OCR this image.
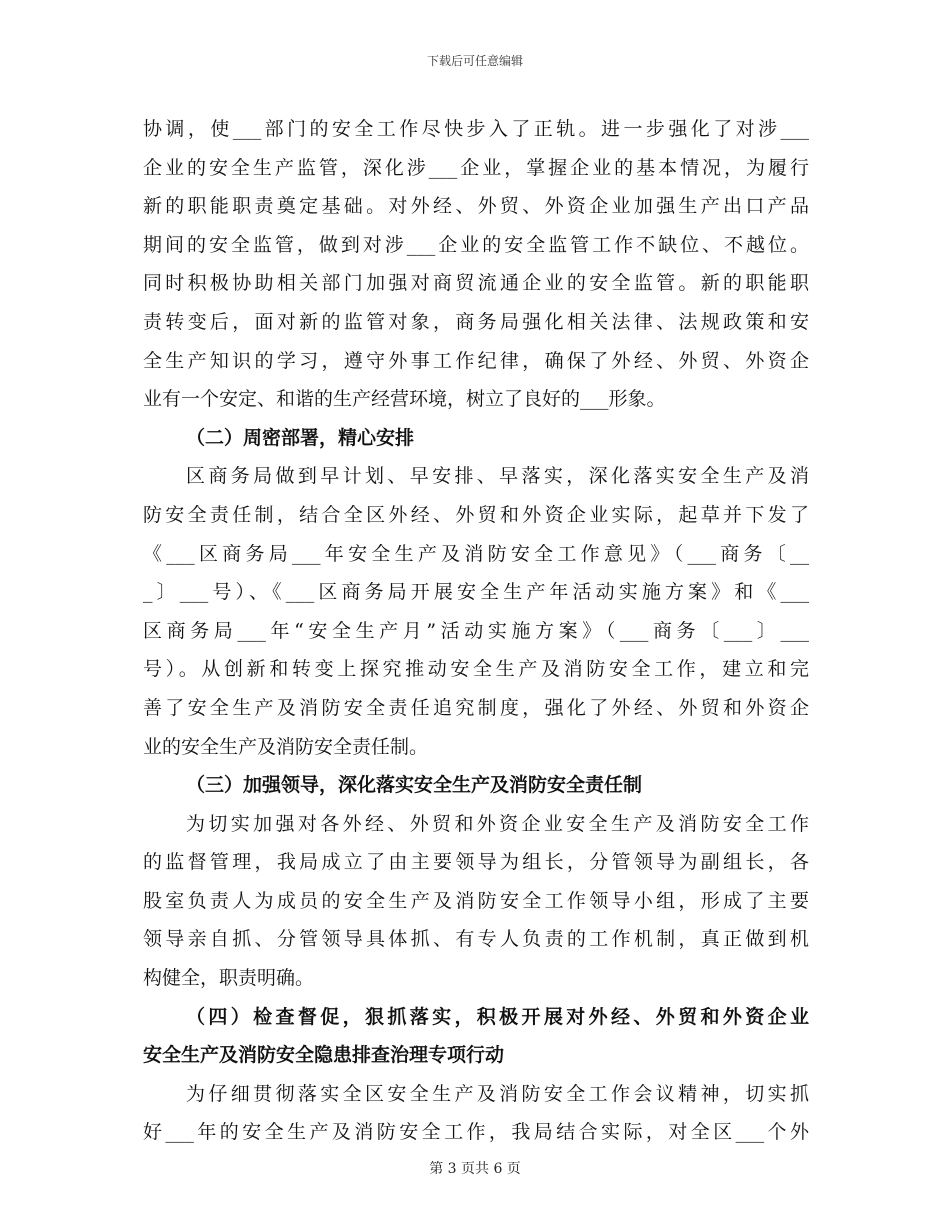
下载后可任意编辑
协调，使___部门的安全工作尽快步入了正轨。进一步强化了对涉___
企业的安全生产监管，深化涉___企业，掌握企业的基本情况，为履行
新的职能职责奠定基础。对外经、外贸、外资企业加强生产出口产品
期间的安全监管，做到对涉___企业的安全监管工作不缺位、不越位。
同时积极协助相关部门加强对商贸流通企业的安全监管。新的职能职
责转变后，面对新的监管对象，商务局强化相关法律、法规政策和安
全生产知识的学习，遵守外事工作纪律，确保了外经、外贸、外资企
业有一个安定、和谐的生产经营环境，树立了良好的___形象。
（二）周密部署，精心安排
区商务局做到早计划、早安排、早落实，深化落实安全生产及消
防安全责任制，结合全区外经、外贸和外资企业实际，起草并下发了
《___区商务局___年安全生产及消防安全工作意见》（___商务〔__
_〕___号）、《___区商务局开展安全生产年活动实施方案》和《___
区商务局___年“安全生产月”活动实施方案》（___商务〔___〕___
号）。从创新和转变上探究推动安全生产及消防安全工作，建立和完
善了安全生产及消防安全责任追究制度，强化了外经、外贸和外资企
业的安全生产及消防安全责任制。
（三）加强领导，深化落实安全生产及消防安全责任制
为切实加强对各外经、外贸和外资企业安全生产及消防安全工作
的监督管理，我局成立了由主要领导为组长，分管领导为副组长，各
股室负责人为成员的安全生产及消防安全工作领导小组，形成了主要
领导亲自抓、分管领导具体抓、有专人负责的工作机制，真正做到机
构健全，职责明确。
（四）检查督促，狠抓落实，积极开展对外经、外贸和外资企业
安全生产及消防安全隐患排查治理专项行动
为仔细贯彻落实全区安全生产及消防安全工作会议精神，切实抓
好___年的安全生产及消防安全工作，我局结合实际，对全区___个外
第 3 页共 6 页
